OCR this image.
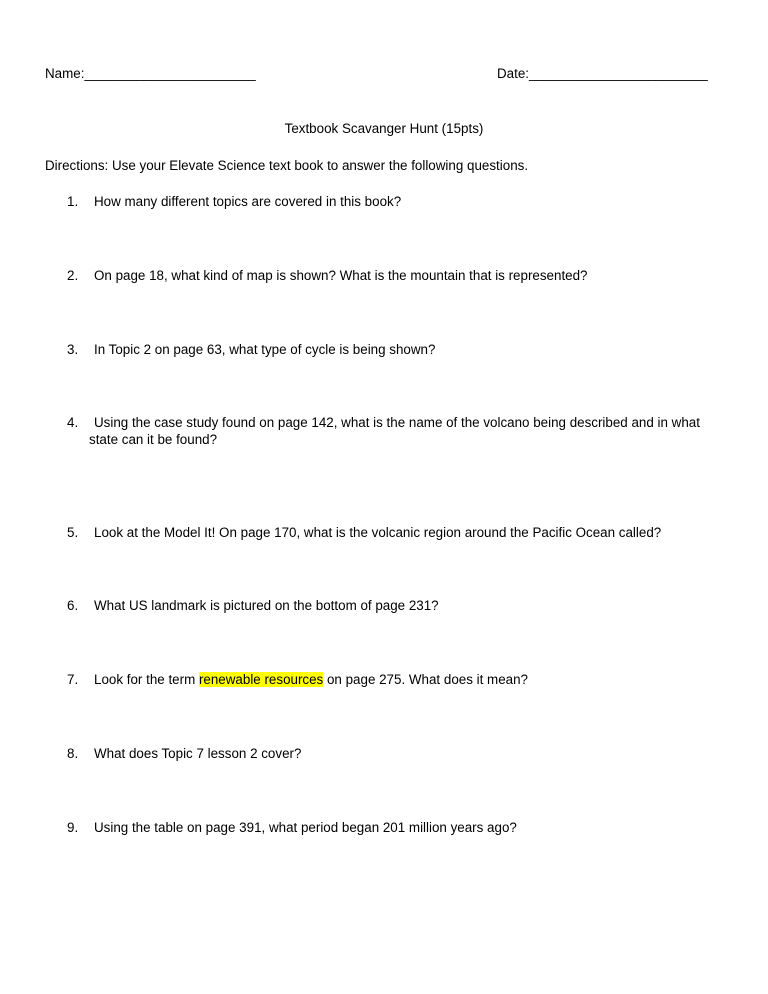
Name:_______________________	Date:________________________
Textbook Scavanger Hunt (15pts)
Directions: Use your Elevate Science text book to answer the following questions.
1. How many different topics are covered in this book?
2. On page 18, what kind of map is shown? What is the mountain that is represented?
3. In Topic 2 on page 63, what type of cycle is being shown?
4. Using the case study found on page 142, what is the name of the volcano being described and in what
state can it be found?
5. Look at the Model It! On page 170, what is the volcanic region around the Pacific Ocean called?
6. What US landmark is pictured on the bottom of page 231?
7. Look for the term renewable resources on page 275. What does it mean?
8. What does Topic 7 lesson 2 cover?
9. Using the table on page 391, what period began 201 million years ago?
